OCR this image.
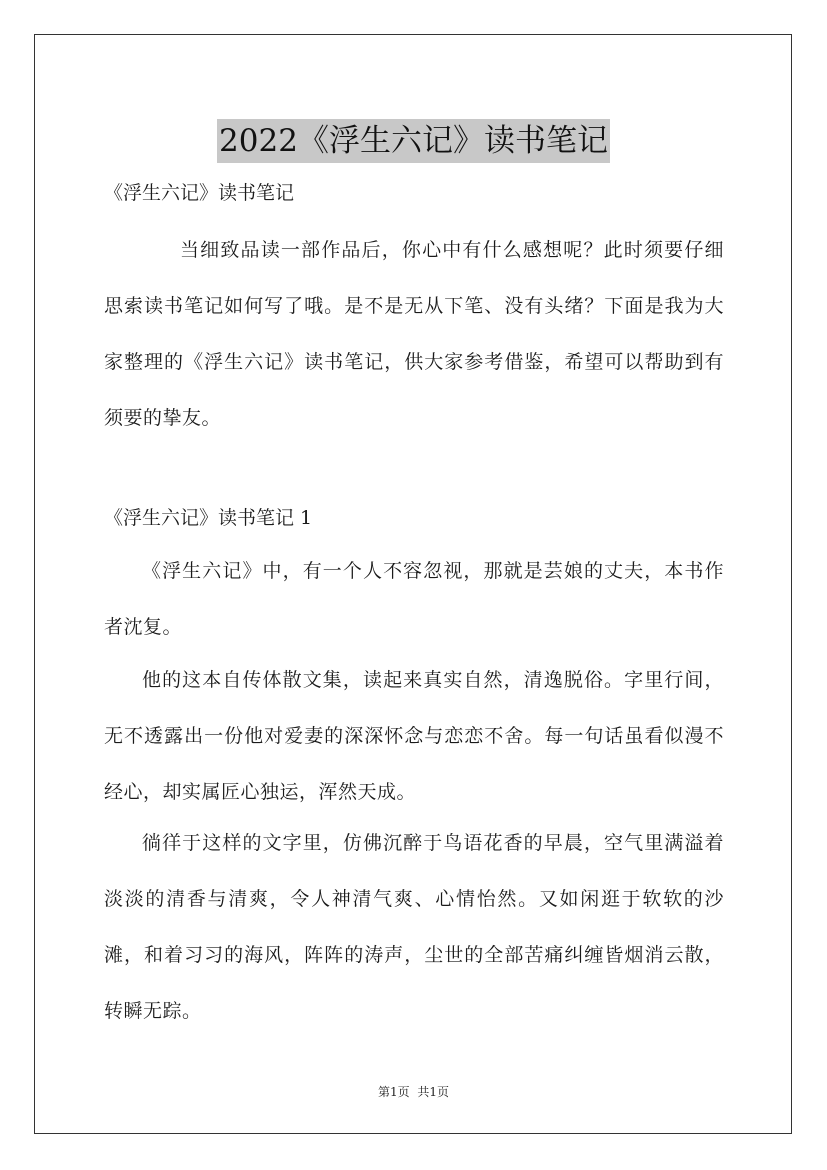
2022《浮生六记》读书笔记
《浮生六记》读书笔记

当细致品读一部作品后，你心中有什么感想呢？此时须要仔细思索读书笔记如何写了哦。是不是无从下笔、没有头绪？下面是我为大家整理的《浮生六记》读书笔记，供大家参考借鉴，希望可以帮助到有须要的挚友。

《浮生六记》读书笔记 1

《浮生六记》中，有一个人不容忽视，那就是芸娘的丈夫，本书作者沈复。

他的这本自传体散文集，读起来真实自然，清逸脱俗。字里行间，无不透露出一份他对爱妻的深深怀念与恋恋不舍。每一句话虽看似漫不经心，却实属匠心独运，浑然天成。

徜徉于这样的文字里，仿佛沉醉于鸟语花香的早晨，空气里满溢着淡淡的清香与清爽，令人神清气爽、心情怡然。又如闲逛于软软的沙滩，和着习习的海风，阵阵的涛声，尘世的全部苦痛纠缠皆烟消云散，转瞬无踪。

第1页 共1页
